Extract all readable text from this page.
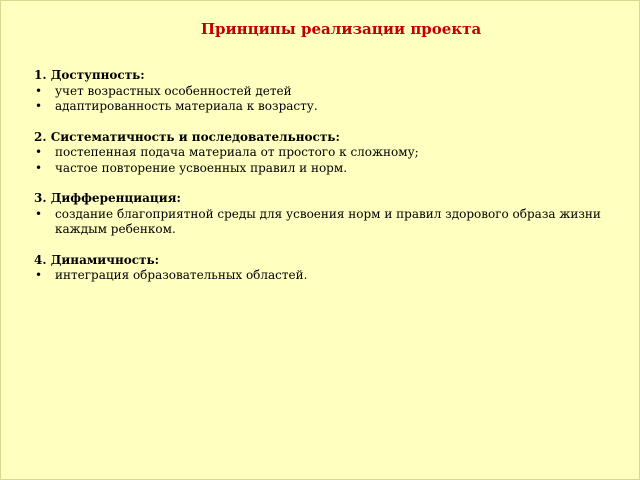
Принципы реализации проекта
1. Доступность:
• учет возрастных особенностей детей
• адаптированность материала к возрасту.
2. Систематичность и последовательность:
• постепенная подача материала от простого к сложному;
• частое повторение усвоенных правил и норм.
3. Дифференциация:
• создание благоприятной среды для усвоения норм и правил здорового образа жизни каждым ребенком.
4. Динамичность:
• интеграция образовательных областей.
